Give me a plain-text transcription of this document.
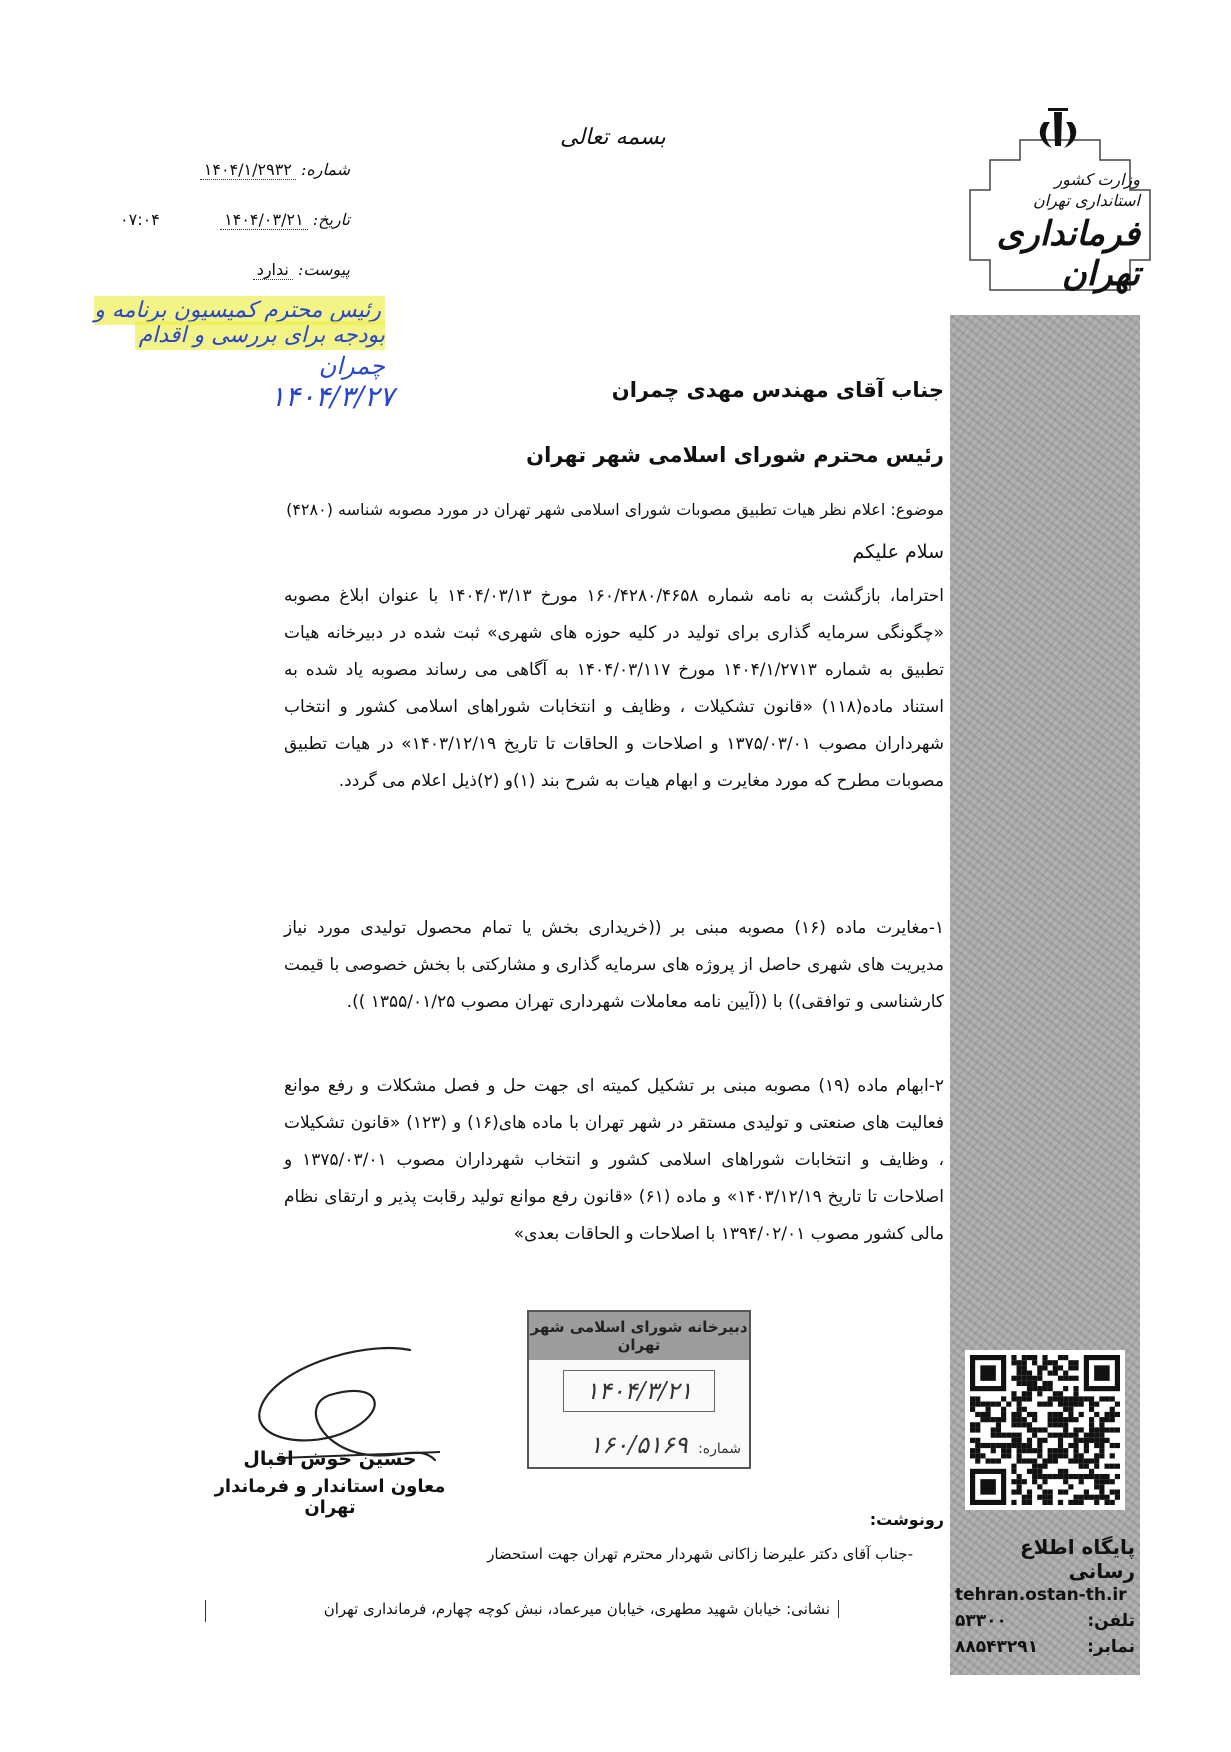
بسمه تعالی
شماره: ۱۴۰۴/۱/۲۹۳۲
تاریخ: ۱۴۰۴/۰۳/۲۱
۰۷:۰۴
پیوست: ندارد
وزارت کشور
استانداری تهران
فرمانداری تهران
پایگاه اطلاع رسانی
tehran.ostan-th.ir
تلفن:
۵۳۳۰۰
نمابر:
۸۸۵۴۳۲۹۱
رئیس محترم کمیسیون برنامه و بودجه برای بررسی و اقدام
چمران
۱۴۰۴/۳/۲۷	جناب آقای مهندس مهدی چمران
رئیس محترم شورای اسلامی شهر تهران
موضوع: اعلام نظر هیات تطبیق مصوبات شورای اسلامی شهر تهران در مورد مصوبه شناسه (۴۲۸۰)
سلام علیکم
احتراما، بازگشت به نامه شماره ۱۶۰/۴۲۸۰/۴۶۵۸ مورخ ۱۴۰۴/۰۳/۱۳ با عنوان ابلاغ مصوبه «چگونگی سرمایه گذاری برای تولید در کلیه حوزه های شهری» ثبت شده در دبیرخانه هیات تطبیق به شماره ۱۴۰۴/۱/۲۷۱۳ مورخ ۱۴۰۴/۰۳/۱۱۷ به آگاهی می رساند مصوبه یاد شده به استناد ماده(۱۱۸) «قانون تشکیلات ، وظایف و انتخابات شوراهای اسلامی کشور و انتخاب شهرداران مصوب ۱۳۷۵/۰۳/۰۱ و اصلاحات و الحاقات تا تاریخ ۱۴۰۳/۱۲/۱۹» در هیات تطبیق مصوبات مطرح که مورد مغایرت و ابهام هیات به شرح بند (۱)و (۲)ذیل اعلام می گردد.
۱-مغایرت ماده (۱۶) مصوبه مبنی بر ((خریداری بخش یا تمام محصول تولیدی مورد نیاز مدیریت های شهری حاصل از پروژه های سرمایه گذاری و مشارکتی با بخش خصوصی با قیمت کارشناسی و توافقی)) با ((آیین نامه معاملات شهرداری تهران مصوب ۱۳۵۵/۰۱/۲۵ )).
۲-ابهام ماده (۱۹) مصوبه مبنی بر تشکیل کمیته ای جهت حل و فصل مشکلات و رفع موانع فعالیت های صنعتی و تولیدی مستقر در شهر تهران با ماده های(۱۶) و (۱۲۳) «قانون تشکیلات ، وظایف و انتخابات شوراهای اسلامی کشور و انتخاب شهرداران مصوب ۱۳۷۵/۰۳/۰۱ و اصلاحات تا تاریخ ۱۴۰۳/۱۲/۱۹» و ماده (۶۱) «قانون رفع موانع تولید رقابت پذیر و ارتقای نظام مالی کشور مصوب ۱۳۹۴/۰۲/۰۱ با اصلاحات و الحاقات بعدی»
دبیرخانه شورای اسلامی شهر تهران
۱۴۰۴/۳/۲۱
شماره: ۱۶۰/۵۱۶۹
حسین خوش اقبال
معاون استاندار و فرماندار تهران
رونوشت:
-جناب آقای دکتر علیرضا زاکانی شهردار محترم تهران جهت استحضار
نشانی: خیابان شهید مطهری، خیابان میرعماد، نبش کوچه چهارم، فرمانداری تهران
